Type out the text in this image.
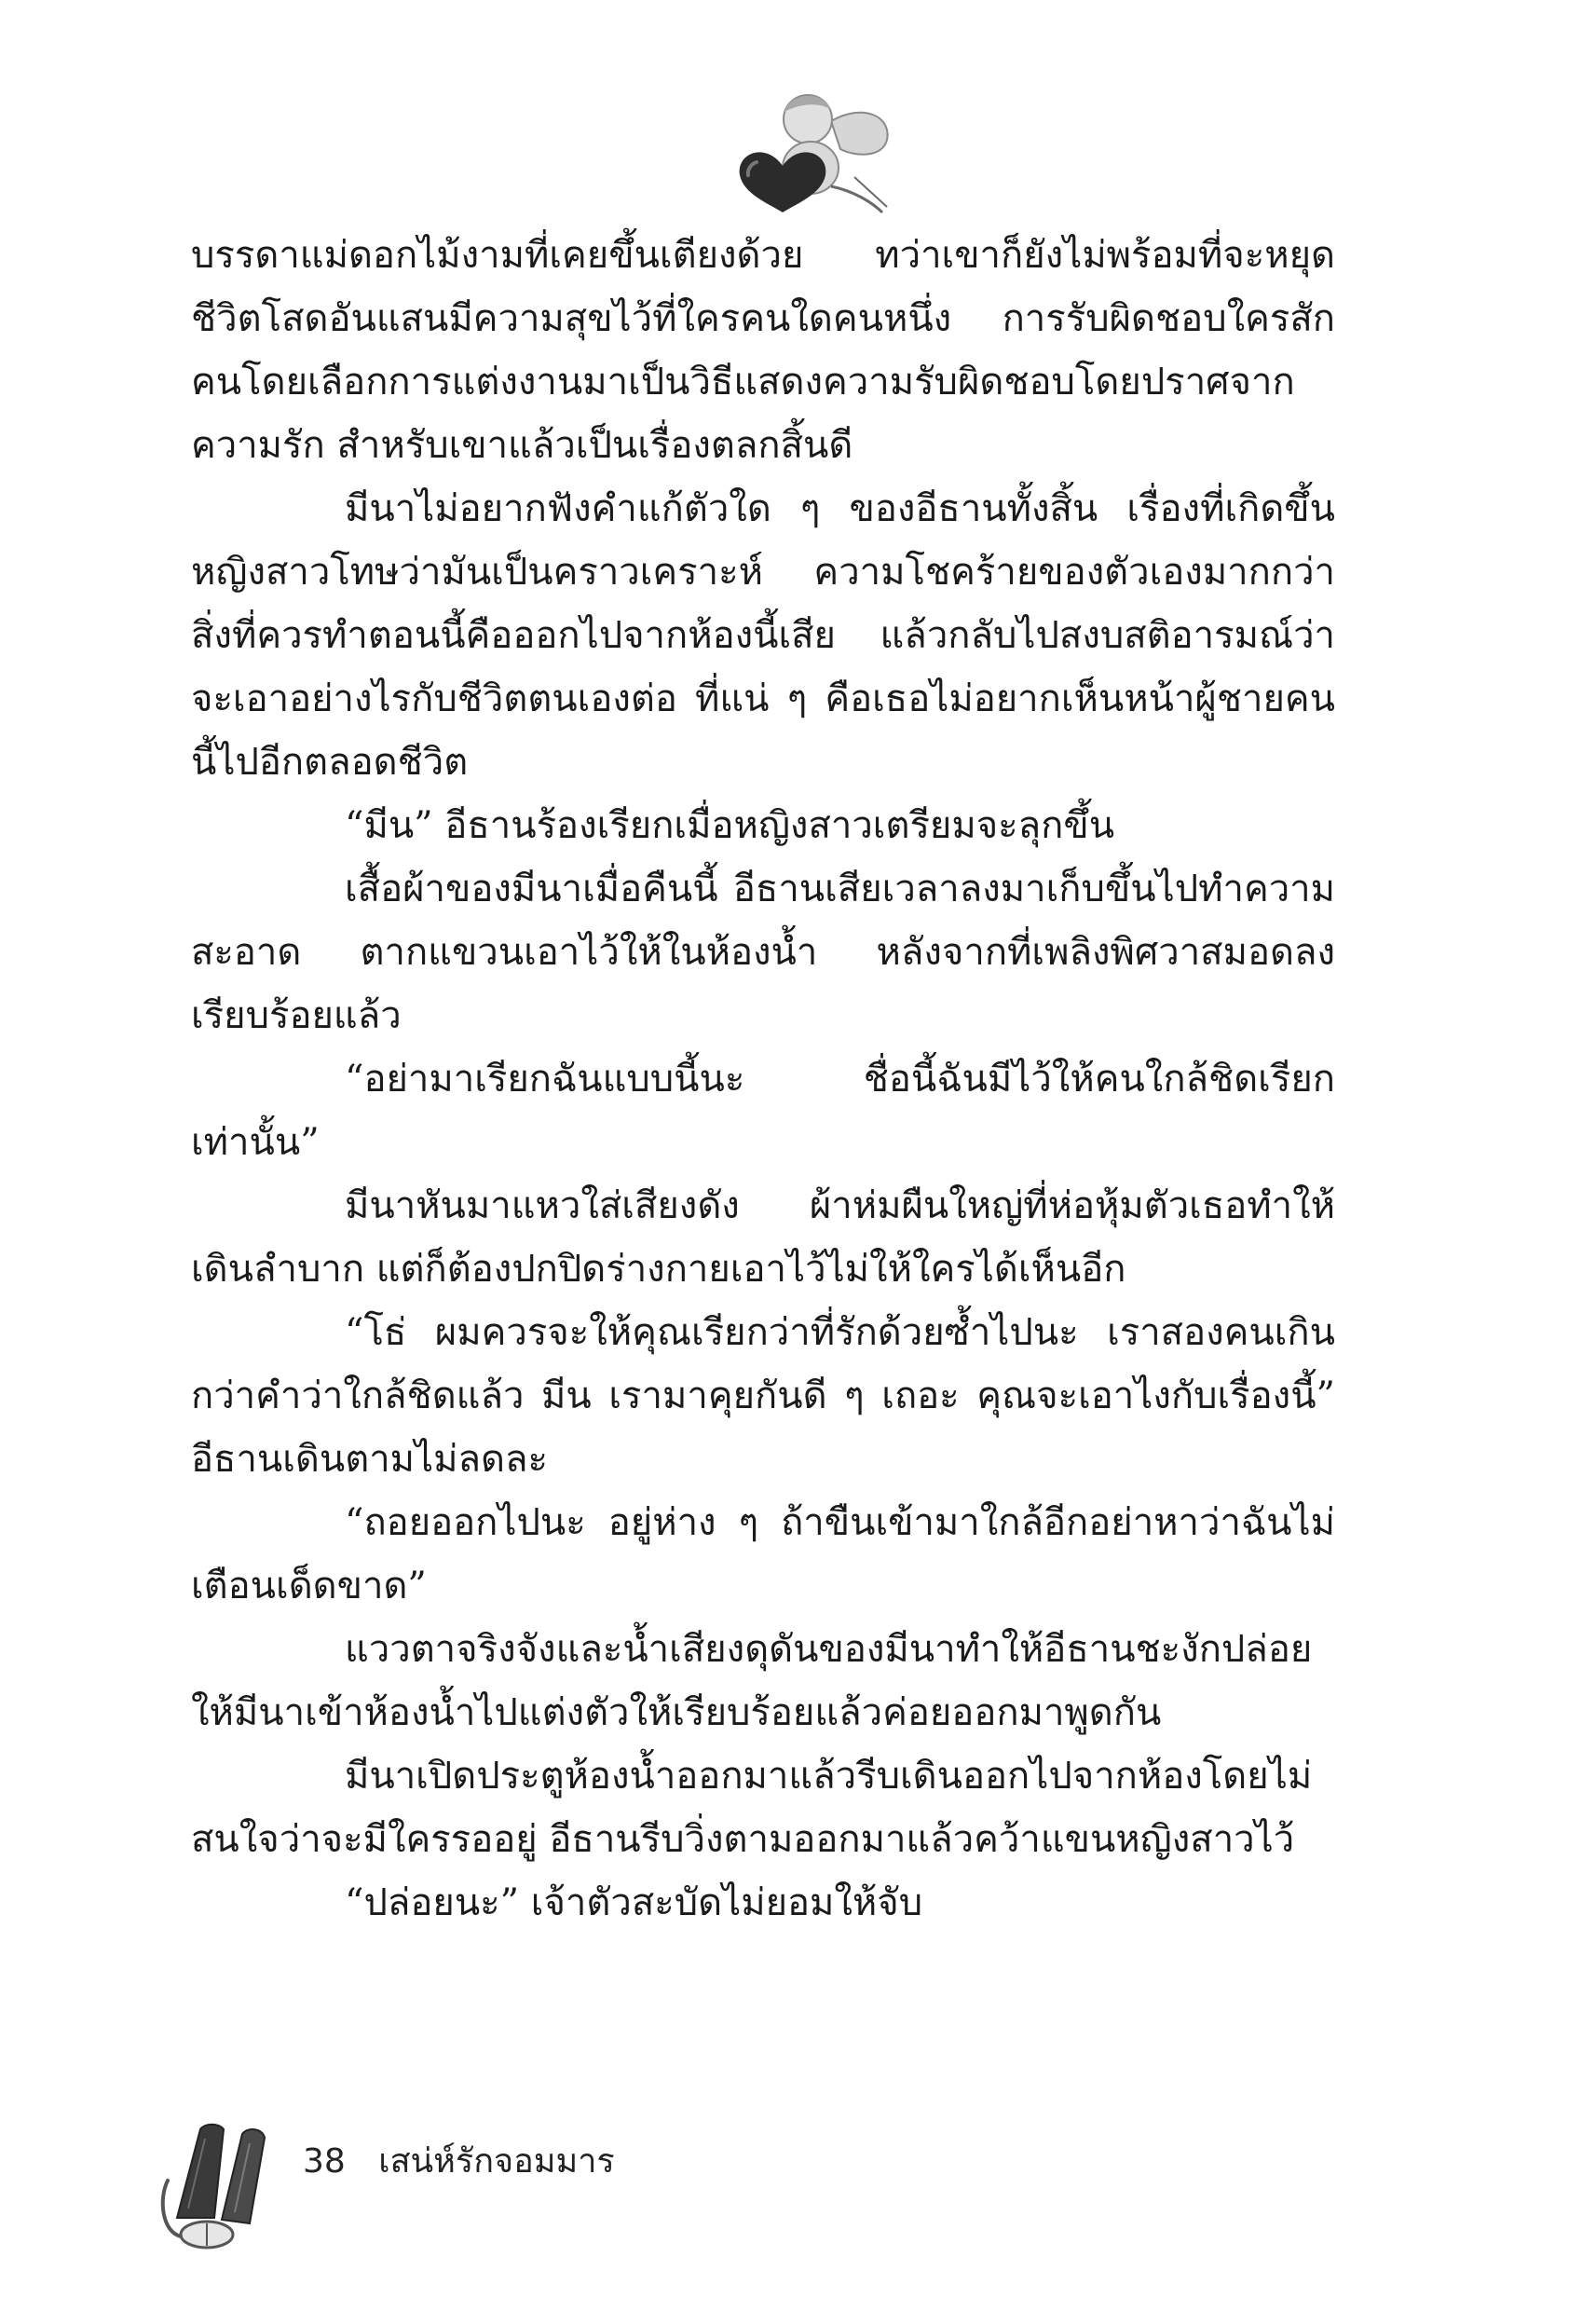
บรรดาแม่ดอกไม้งามที่เคยขึ้นเตียงด้วย ทว่าเขาก็ยังไม่พร้อมที่จะหยุดชีวิตโสดอันแสนมีความสุขไว้ที่ใครคนใดคนหนึ่ง การรับผิดชอบใครสักคนโดยเลือกการแต่งงานมาเป็นวิธีแสดงความรับผิดชอบโดยปราศจากความรัก สำหรับเขาแล้วเป็นเรื่องตลกสิ้นดี

มีนาไม่อยากฟังคำแก้ตัวใด ๆ ของอีธานทั้งสิ้น เรื่องที่เกิดขึ้นหญิงสาวโทษว่ามันเป็นคราวเคราะห์ ความโชคร้ายของตัวเองมากกว่าสิ่งที่ควรทำตอนนี้คือออกไปจากห้องนี้เสีย แล้วกลับไปสงบสติอารมณ์ว่าจะเอาอย่างไรกับชีวิตตนเองต่อ ที่แน่ ๆ คือเธอไม่อยากเห็นหน้าผู้ชายคนนี้ไปอีกตลอดชีวิต

“มีน” อีธานร้องเรียกเมื่อหญิงสาวเตรียมจะลุกขึ้น

เสื้อผ้าของมีนาเมื่อคืนนี้ อีธานเสียเวลาลงมาเก็บขึ้นไปทำความสะอาด ตากแขวนเอาไว้ให้ในห้องน้ำ หลังจากที่เพลิงพิศวาสมอดลงเรียบร้อยแล้ว

“อย่ามาเรียกฉันแบบนี้นะ ชื่อนี้ฉันมีไว้ให้คนใกล้ชิดเรียกเท่านั้น”

มีนาหันมาแหวใส่เสียงดัง ผ้าห่มผืนใหญ่ที่ห่อหุ้มตัวเธอทำให้เดินลำบาก แต่ก็ต้องปกปิดร่างกายเอาไว้ไม่ให้ใครได้เห็นอีก

“โธ่ ผมควรจะให้คุณเรียกว่าที่รักด้วยซ้ำไปนะ เราสองคนเกินกว่าคำว่าใกล้ชิดแล้ว มีน เรามาคุยกันดี ๆ เถอะ คุณจะเอาไงกับเรื่องนี้” อีธานเดินตามไม่ลดละ

“ถอยออกไปนะ อยู่ห่าง ๆ ถ้าขืนเข้ามาใกล้อีกอย่าหาว่าฉันไม่เตือนเด็ดขาด”

แววตาจริงจังและน้ำเสียงดุดันของมีนาทำให้อีธานชะงักปล่อยให้มีนาเข้าห้องน้ำไปแต่งตัวให้เรียบร้อยแล้วค่อยออกมาพูดกัน

มีนาเปิดประตูห้องน้ำออกมาแล้วรีบเดินออกไปจากห้องโดยไม่สนใจว่าจะมีใครรออยู่ อีธานรีบวิ่งตามออกมาแล้วคว้าแขนหญิงสาวไว้

“ปล่อยนะ” เจ้าตัวสะบัดไม่ยอมให้จับ

38 เสน่ห์รักจอมมาร
